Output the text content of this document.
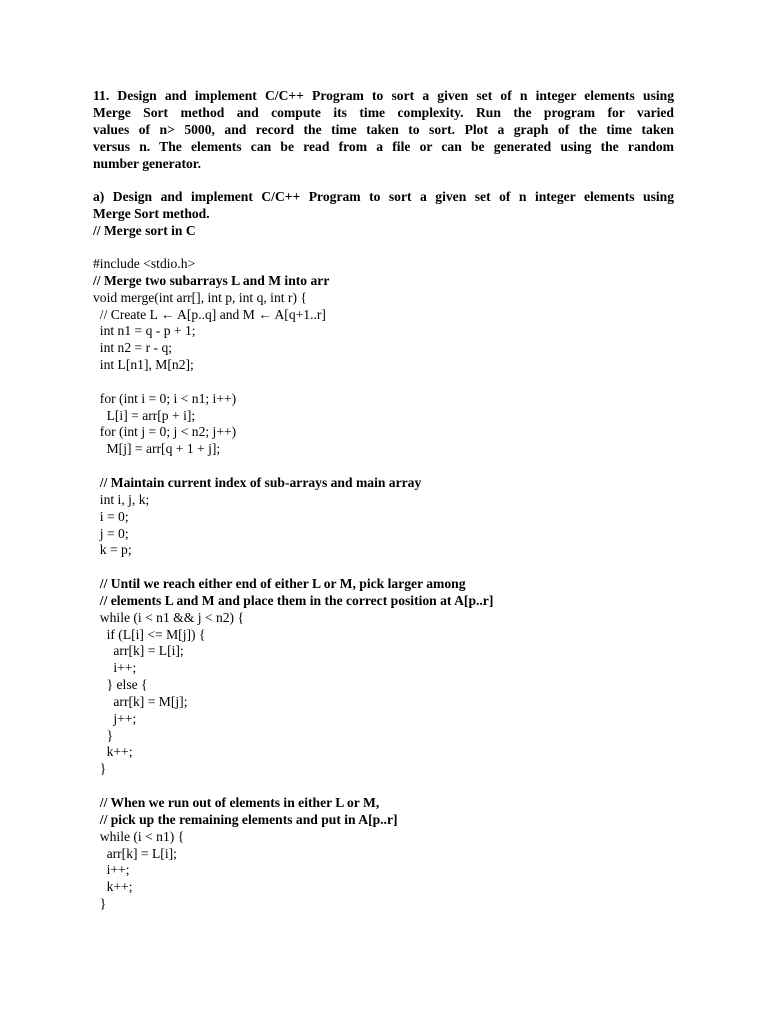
11. Design and implement C/C++ Program to sort a given set of n integer elements using
Merge Sort method and compute its time complexity. Run the program for varied
values of n> 5000, and record the time taken to sort. Plot a graph of the time taken
versus n. The elements can be read from a file or can be generated using the random
number generator.
a) Design and implement C/C++ Program to sort a given set of n integer elements using
Merge Sort method.
// Merge sort in C
#include <stdio.h>
// Merge two subarrays L and M into arr
void merge(int arr[], int p, int q, int r) {
// Create L ← A[p..q] and M ← A[q+1..r]
int n1 = q - p + 1;
int n2 = r - q;
int L[n1], M[n2];
for (int i = 0; i < n1; i++)
L[i] = arr[p + i];
for (int j = 0; j < n2; j++)
M[j] = arr[q + 1 + j];
// Maintain current index of sub-arrays and main array
int i, j, k;
i = 0;
j = 0;
k = p;
// Until we reach either end of either L or M, pick larger among
// elements L and M and place them in the correct position at A[p..r]
while (i < n1 && j < n2) {
if (L[i] <= M[j]) {
arr[k] = L[i];
i++;
} else {
arr[k] = M[j];
j++;
}
k++;
}
// When we run out of elements in either L or M,
// pick up the remaining elements and put in A[p..r]
while (i < n1) {
arr[k] = L[i];
i++;
k++;
}
